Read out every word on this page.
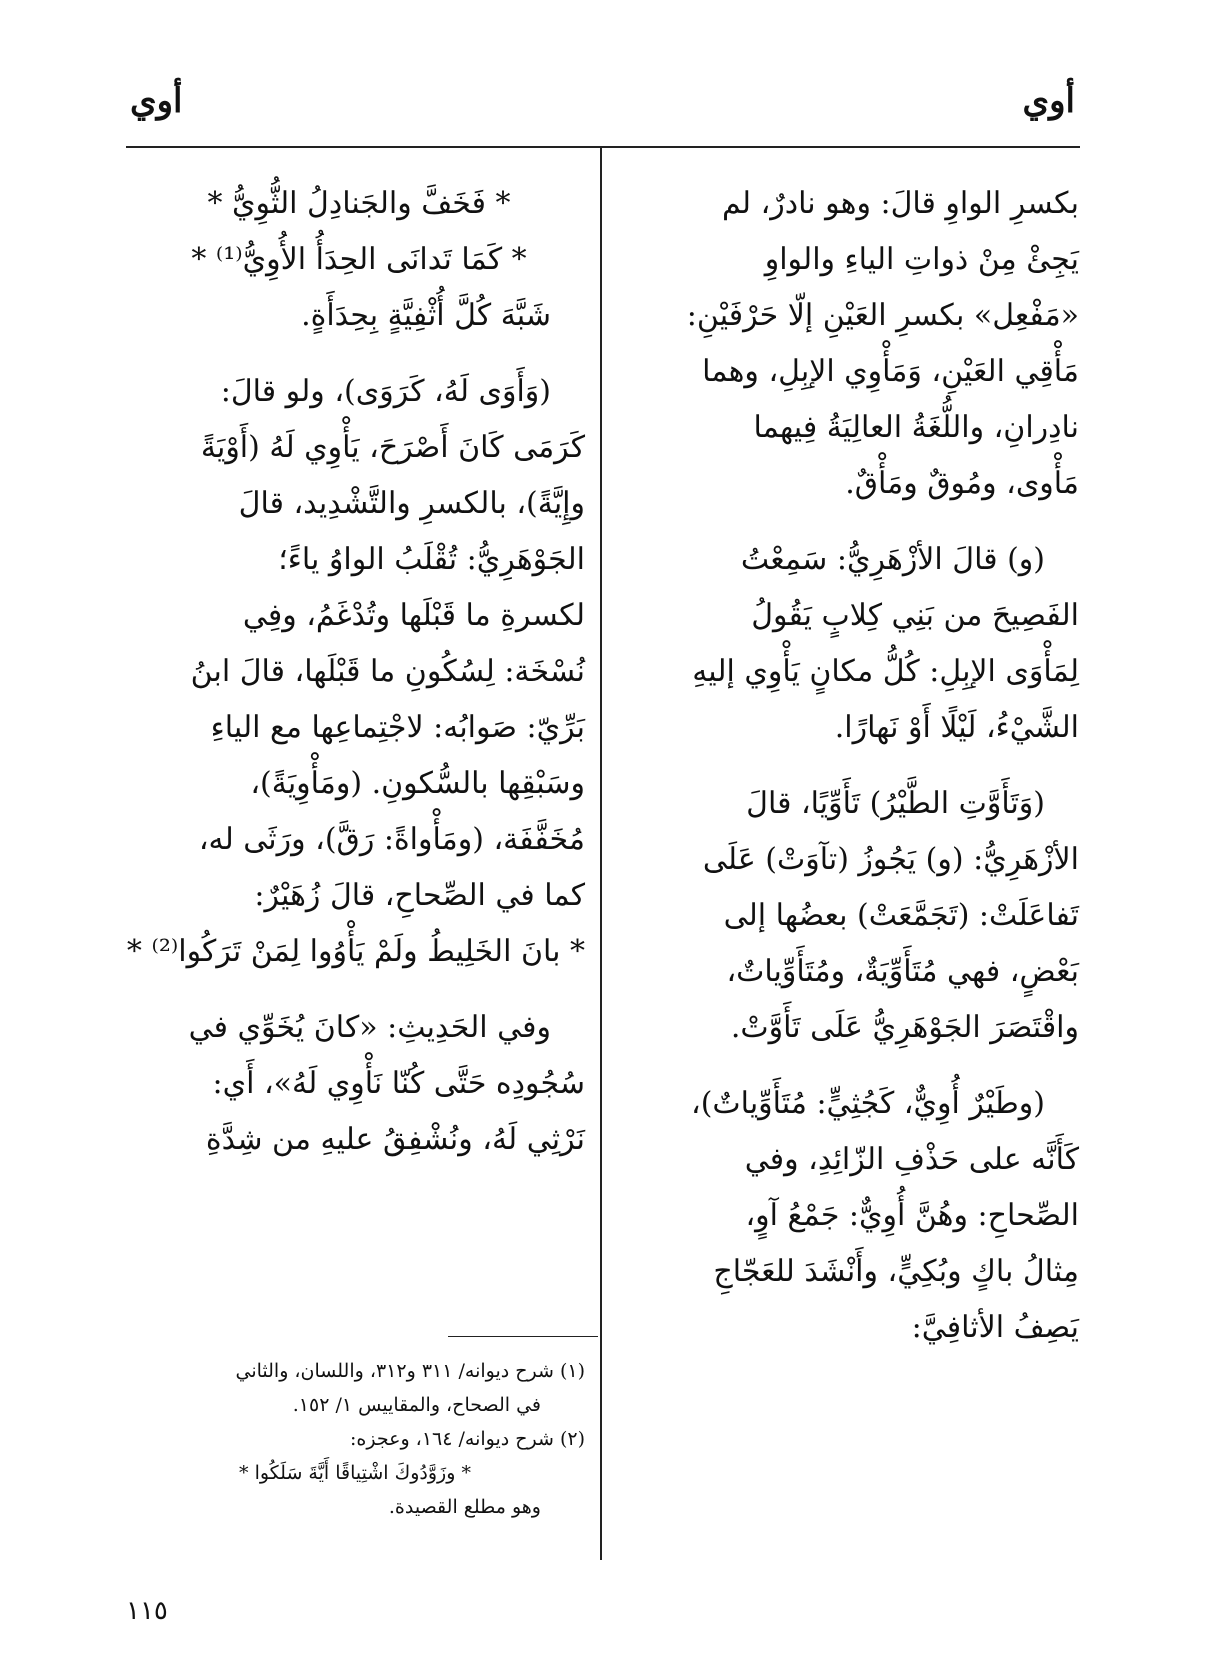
أوي
أوي
بكسرِ الواوِ قالَ: وهو نادرٌ، لم
يَجِئْ مِنْ ذواتِ الياءِ والواوِ
«مَفْعِل» بكسرِ العَيْنِ إلّا حَرْفَيْنِ:
مَأْقِي العَيْنِ، وَمَأْوِي الإبِلِ، وهما
نادِرانِ، واللُّغَةُ العالِيَةُ فِيهما
مَأْوى، ومُوقٌ ومَأْقٌ.
(و) قالَ الأزْهَرِيُّ: سَمِعْتُ
الفَصِيحَ من بَنِي كِلابٍ يَقُولُ
لِمَأْوَى الإبِلِ: كُلُّ مكانٍ يَأْوِي إليهِ
الشَّيْءُ، لَيْلًا أَوْ نَهارًا.
(وَتَأَوَّتِ الطَّيْرُ) تَأَوِّيًا، قالَ
الأزْهَرِيُّ: (و) يَجُوزُ (تآوَتْ) عَلَى
تَفاعَلَتْ: (تَجَمَّعَتْ) بعضُها إلى
بَعْضٍ، فهي مُتَأَوِّيَةٌ، ومُتَأَوِّياتٌ،
واقْتَصَرَ الجَوْهَرِيُّ عَلَى تَأَوَّتْ.
(وطَيْرٌ أُوِيٌّ، كَجُثِيٍّ: مُتَأَوِّياتٌ)،
كَأَنَّه على حَذْفِ الزّائِدِ، وفي
الصِّحاحِ: وهُنَّ أُوِيٌّ: جَمْعُ آوٍ،
مِثالُ باكٍ وبُكِيٍّ، وأَنْشَدَ للعَجّاجِ
يَصِفُ الأثافِيَّ:
* فَخَفَّ والجَنادِلُ الثُّوِيُّ *
* كَمَا تَدانَى الحِدَأُ الأُوِيُّ⁽¹⁾ *
شَبَّهَ كُلَّ أُثْفِيَّةٍ بِحِدَأَةٍ.
(وَأَوَى لَهُ، كَرَوَى)، ولو قالَ:
كَرَمَى كَانَ أَصْرَحَ، يَأْوِي لَهُ (أَوْيَةً
وإِيَّةً)، بالكسرِ والتَّشْدِيد، قالَ
الجَوْهَرِيُّ: تُقْلَبُ الواوُ ياءً؛
لكسرةِ ما قَبْلَها وتُدْغَمُ، وفِي
نُسْخَة: لِسُكُونِ ما قَبْلَها، قالَ ابنُ
بَرِّيّ: صَوابُه: لاجْتِماعِها مع الياءِ
وسَبْقِها بالسُّكونِ. (ومَأْوِيَةً)،
مُخَفَّفَة، (ومَأْواةً: رَقَّ)، ورَثَى له،
كما في الصِّحاحِ، قالَ زُهَيْرٌ:
* بانَ الخَلِيطُ ولَمْ يَأْوُوا لِمَنْ تَرَكُوا⁽²⁾ *
وفي الحَدِيثِ: «كانَ يُخَوِّي في
سُجُودِه حَتَّى كُنّا نَأْوِي لَهُ»، أَي:
نَرْثِي لَهُ، ونُشْفِقُ عليهِ من شِدَّةِ
(١) شرح ديوانه/ ٣١١ و٣١٢، واللسان، والثاني
في الصحاح، والمقاييس ١/ ١٥٢.
(٢) شرح ديوانه/ ١٦٤، وعجزه:
* وزَوَّدُوكَ اشْتِياقًا أَيَّةَ سَلَكُوا *
وهو مطلع القصيدة.
١١٥
